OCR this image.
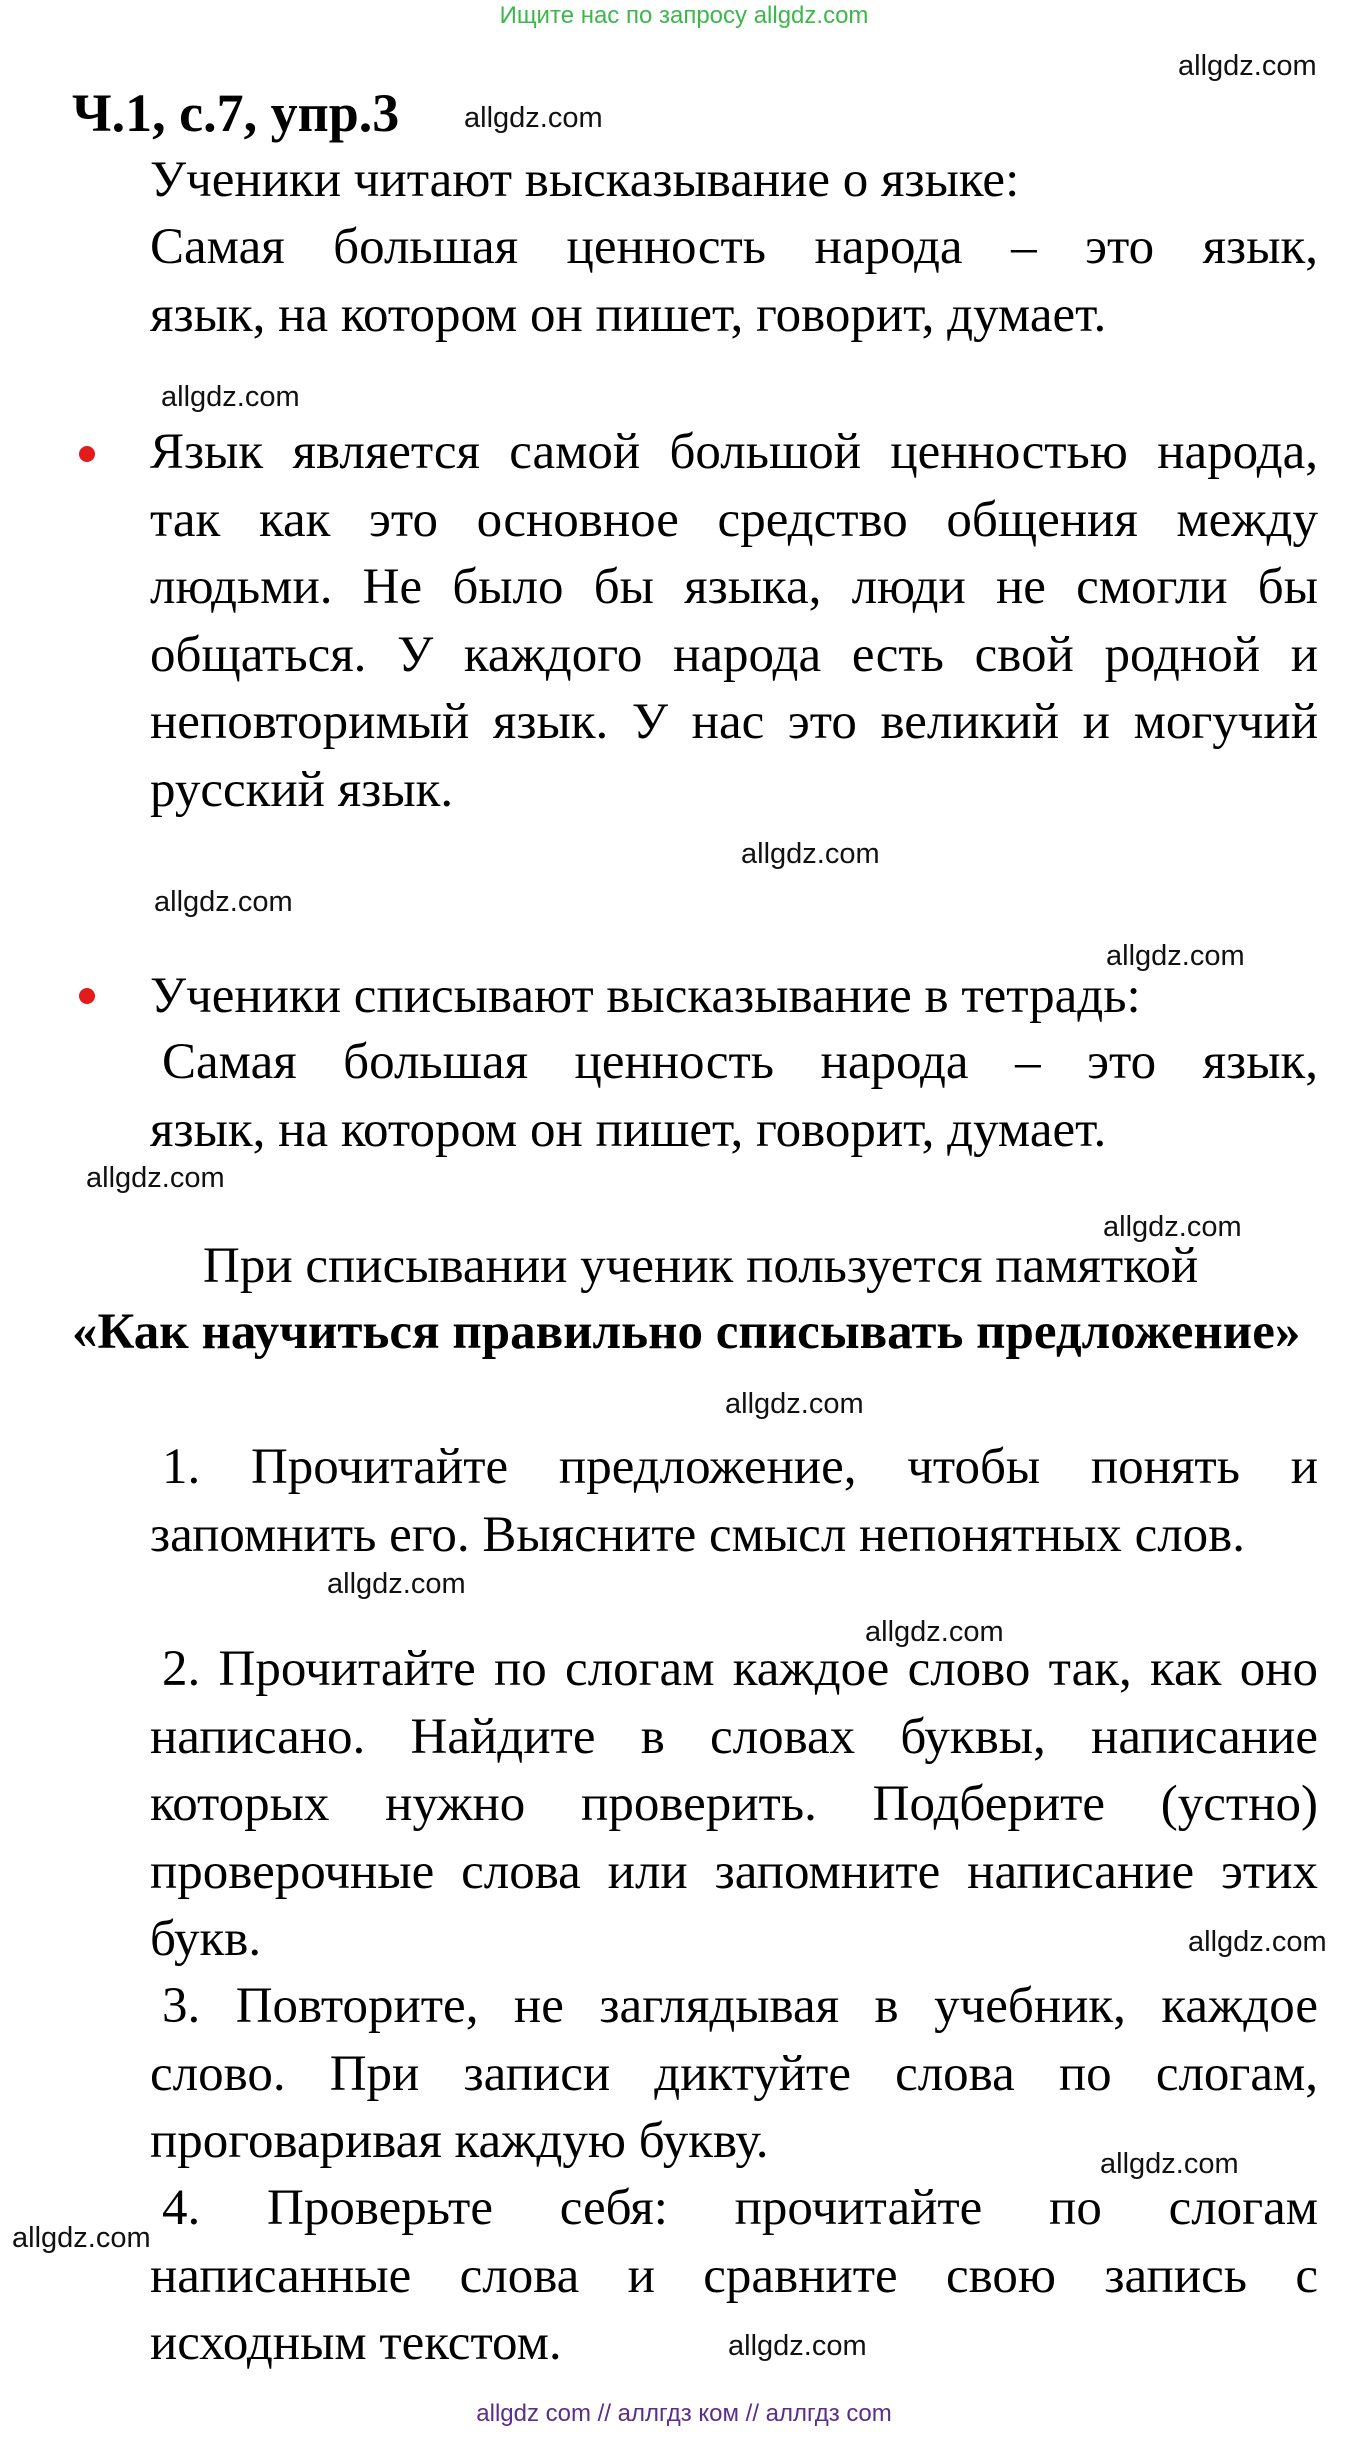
Ищите нас по запросу allgdz.com
allgdz.com
allgdz.com
allgdz.com
allgdz.com
allgdz.com
allgdz.com
allgdz.com
allgdz.com
allgdz.com
allgdz.com
allgdz.com
allgdz.com
allgdz.com
allgdz.com
allgdz.com
Ч.1, с.7, упр.3
Ученики читают высказывание о языке:
Самая большая ценность народа – это язык,
язык, на котором он пишет, говорит, думает.
Язык является самой большой ценностью народа, так как это основное средство общения между людьми. Не было бы языка, люди не смогли бы общаться. У каждого народа есть свой родной и неповторимый язык. У нас это великий и могучий русский язык.
Ученики списывают высказывание в тетрадь:
Самая большая ценность народа – это язык,
язык, на котором он пишет, говорит, думает.
При списывании ученик пользуется памяткой
«Как научиться правильно списывать предложение»
1. Прочитайте предложение, чтобы понять и запомнить его. Выясните смысл непонятных слов.
2. Прочитайте по слогам каждое слово так, как оно написано. Найдите в словах буквы, написание которых нужно проверить. Подберите (устно) проверочные слова или запомните написание этих букв.
3. Повторите, не заглядывая в учебник, каждое слово. При записи диктуйте слова по слогам, проговаривая каждую букву.
4. Проверьте себя: прочитайте по слогам написанные слова и сравните свою запись с исходным текстом.
allgdz com // аллгдз ком // аллгдз com
